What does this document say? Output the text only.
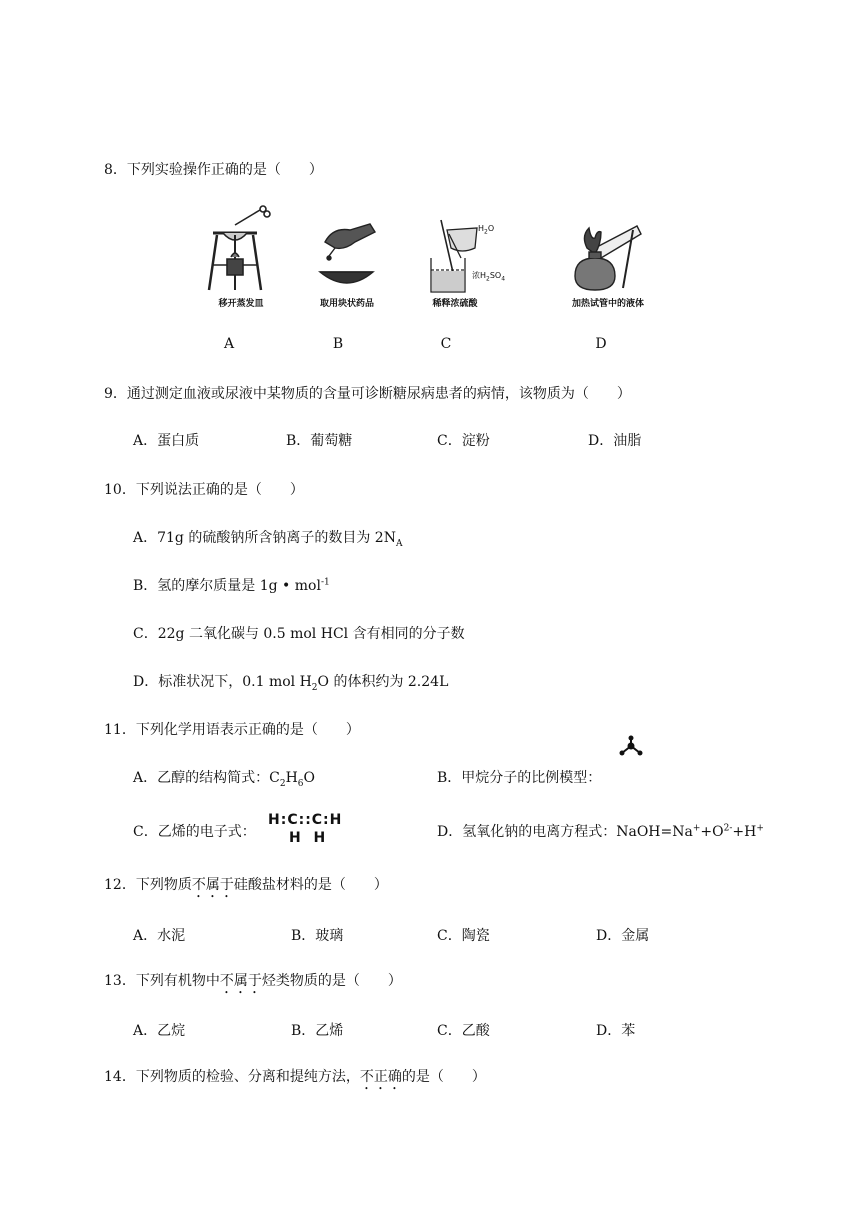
8．下列实验操作正确的是（　　）
移开蒸发皿	取用块状药品
$H_2O$
浓$H_2SO_4$
稀释浓硫酸	加热试管中的液体
A	B	C	D
9．通过测定血液或尿液中某物质的含量可诊断糖尿病患者的病情，该物质为（　　）
A．蛋白质	B．葡萄糖	C．淀粉	D．油脂
10．下列说法正确的是（　　）
A．71g 的硫酸钠所含钠离子的数目为 $2N_A$
B．氢的摩尔质量是 1g • mol$^{-1}$
C．22g 二氧化碳与 0.5 mol HCl 含有相同的分子数
D．标准状况下，0.1 mol $H_2O$ 的体积约为 2.24L
11．下列化学用语表示正确的是（　　）
A．乙醇的结构简式：$C_2H_6O$	B．甲烷分子的比例模型：
C．乙烯的电子式：
H:C::C:H
H  H	D．氢氧化钠的电离方程式：$NaOH=Na^++O^{2-}+H^+$
12．下列物质不属于硅酸盐材料的是（　　）
A．水泥	B．玻璃	C．陶瓷	D．金属
13．下列有机物中不属于烃类物质的是（　　）
A．乙烷	B．乙烯	C．乙酸	D．苯
14．下列物质的检验、分离和提纯方法，不正确的是（　　）
